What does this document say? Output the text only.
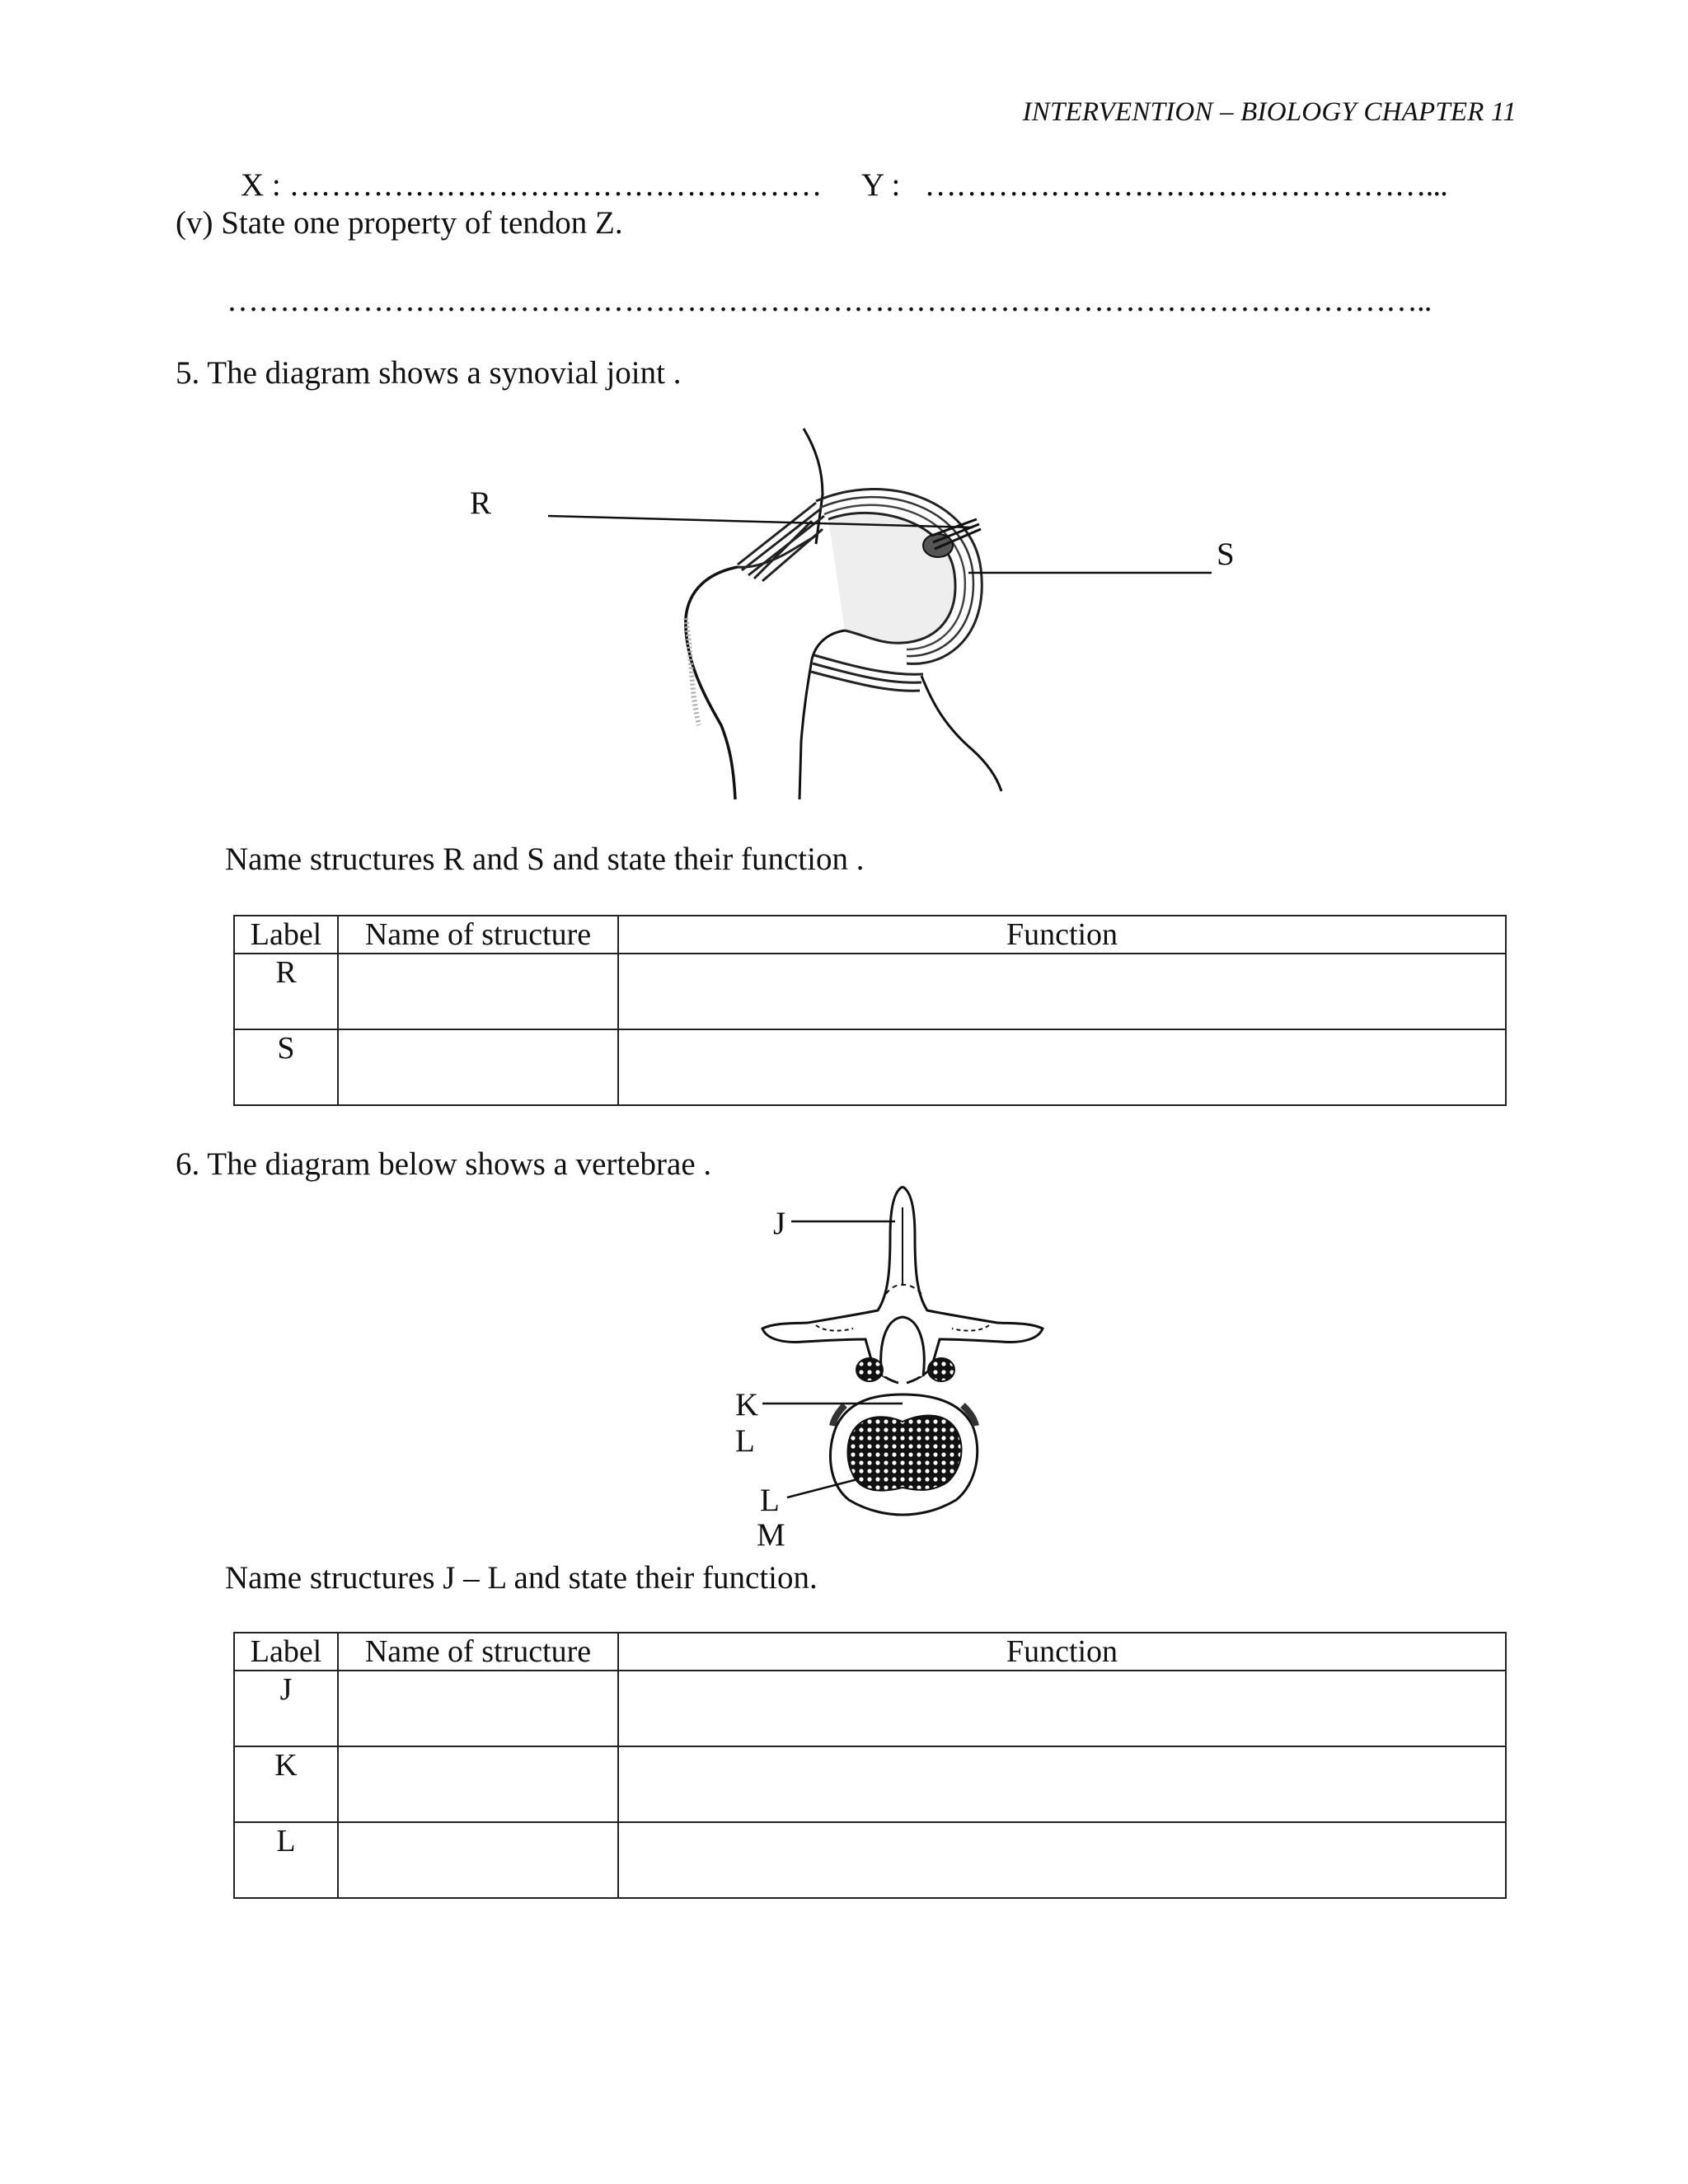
INTERVENTION – BIOLOGY CHAPTER 11
X : …………………………………………… Y : …………………………………………...
(v) State one property of tendon Z.
……………………………………………………………………………………………………..
5. The diagram shows a synovial joint .
R
S
Name structures R and S and state their function .
Label	Name of structure	Function
R		
S		
6. The diagram below shows a vertebrae .
J
K
L
L
M
Name structures J – L and state their function.
Label	Name of structure	Function
J		
K		
L		
